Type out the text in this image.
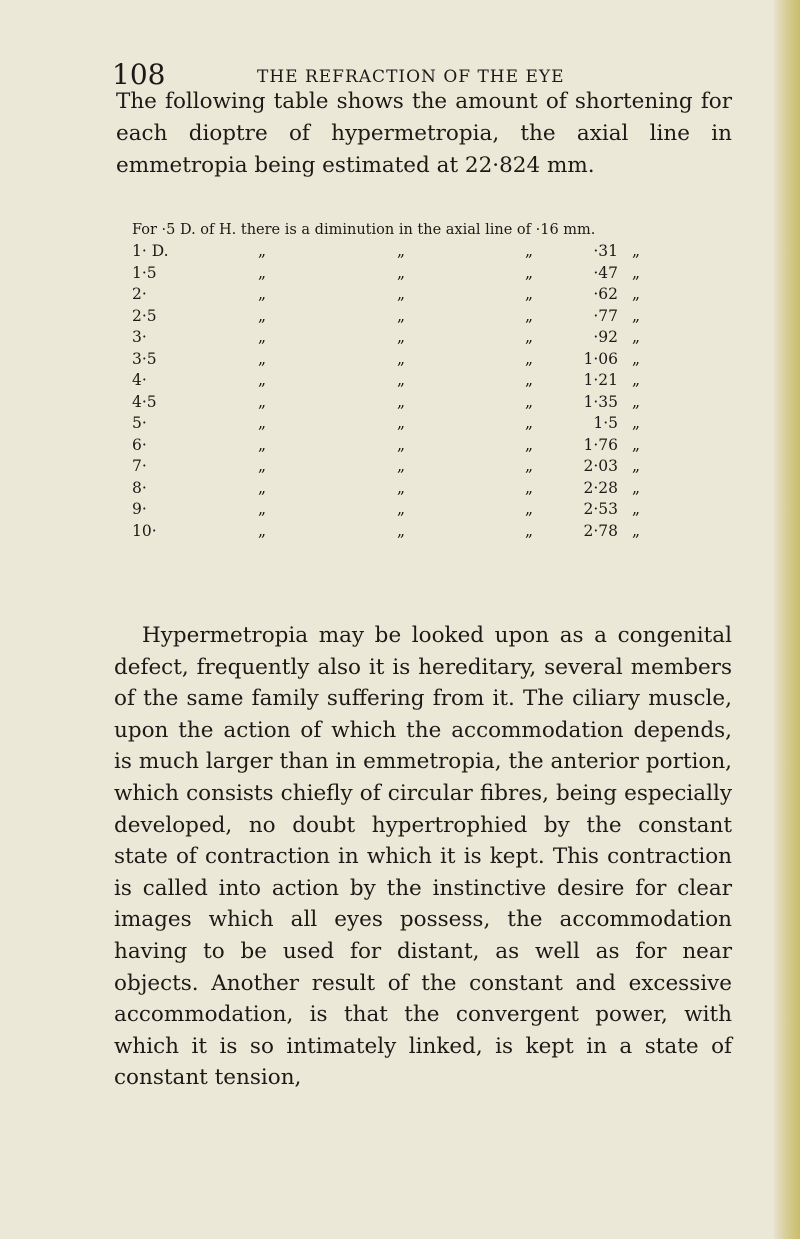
108	THE REFRACTION OF THE EYE

The following table shows the amount of shortening for each dioptre of hypermetropia, the axial line in emmetropia being estimated at 22·824 mm.

For ·5 D. of H. there is a diminution in the axial line of ·16 mm.
1· D.	„	„	„	·31 „
1·5	„	„	„	·47 „
2·	„	„	„	·62 „
2·5	„	„	„	·77 „
3·	„	„	„	·92 „
3·5	„	„	„	1·06 „
4·	„	„	„	1·21 „
4·5	„	„	„	1·35 „
5·	„	„	„	1·5 „
6·	„	„	„	1·76 „
7·	„	„	„	2·03 „
8·	„	„	„	2·28 „
9·	„	„	„	2·53 „
10·	„	„	„	2·78 „

Hypermetropia may be looked upon as a congenital defect, frequently also it is hereditary, several members of the same family suffering from it. The ciliary muscle, upon the action of which the accommodation depends, is much larger than in emmetropia, the anterior portion, which consists chiefly of circular fibres, being especially developed, no doubt hypertrophied by the constant state of contraction in which it is kept. This contraction is called into action by the instinctive desire for clear images which all eyes possess, the accommodation having to be used for distant, as well as for near objects. Another result of the constant and excessive accommodation, is that the convergent power, with which it is so intimately linked, is kept in a state of constant tension,
